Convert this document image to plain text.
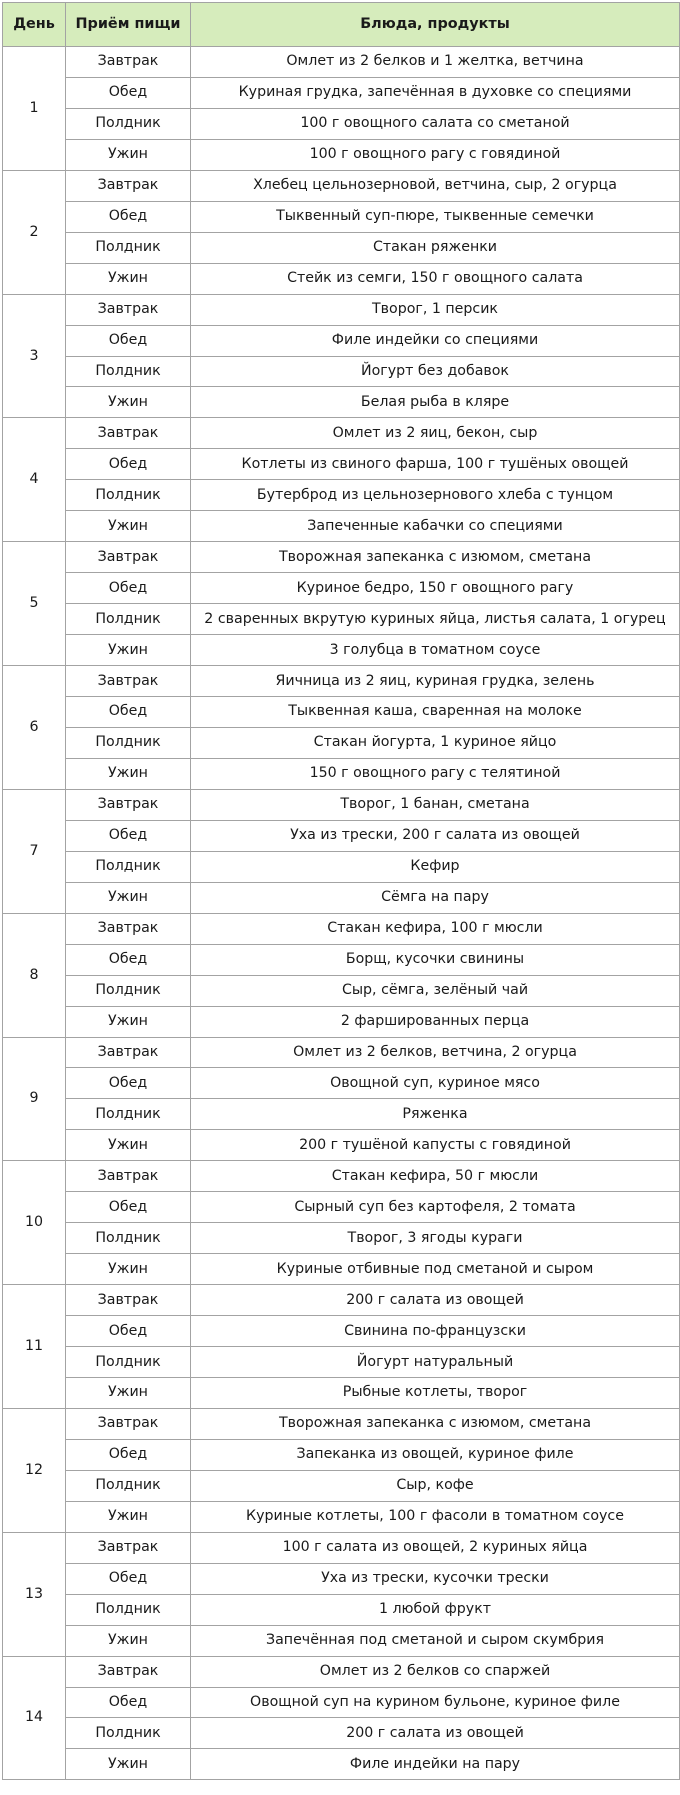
День	Приём пищи	Блюда, продукты
1	Завтрак	Омлет из 2 белков и 1 желтка, ветчина
	Обед	Куриная грудка, запечённая в духовке со специями
	Полдник	100 г овощного салата со сметаной
	Ужин	100 г овощного рагу с говядиной
2	Завтрак	Хлебец цельнозерновой, ветчина, сыр, 2 огурца
	Обед	Тыквенный суп-пюре, тыквенные семечки
	Полдник	Стакан ряженки
	Ужин	Стейк из семги, 150 г овощного салата
3	Завтрак	Творог, 1 персик
	Обед	Филе индейки со специями
	Полдник	Йогурт без добавок
	Ужин	Белая рыба в кляре
4	Завтрак	Омлет из 2 яиц, бекон, сыр
	Обед	Котлеты из свиного фарша, 100 г тушёных овощей
	Полдник	Бутерброд из цельнозернового хлеба с тунцом
	Ужин	Запеченные кабачки со специями
5	Завтрак	Творожная запеканка с изюмом, сметана
	Обед	Куриное бедро, 150 г овощного рагу
	Полдник	2 сваренных вкрутую куриных яйца, листья салата, 1 огурец
	Ужин	3 голубца в томатном соусе
6	Завтрак	Яичница из 2 яиц, куриная грудка, зелень
	Обед	Тыквенная каша, сваренная на молоке
	Полдник	Стакан йогурта, 1 куриное яйцо
	Ужин	150 г овощного рагу с телятиной
7	Завтрак	Творог, 1 банан, сметана
	Обед	Уха из трески, 200 г салата из овощей
	Полдник	Кефир
	Ужин	Сёмга на пару
8	Завтрак	Стакан кефира, 100 г мюсли
	Обед	Борщ, кусочки свинины
	Полдник	Сыр, сёмга, зелёный чай
	Ужин	2 фаршированных перца
9	Завтрак	Омлет из 2 белков, ветчина, 2 огурца
	Обед	Овощной суп, куриное мясо
	Полдник	Ряженка
	Ужин	200 г тушёной капусты с говядиной
10	Завтрак	Стакан кефира, 50 г мюсли
	Обед	Сырный суп без картофеля, 2 томата
	Полдник	Творог, 3 ягоды кураги
	Ужин	Куриные отбивные под сметаной и сыром
11	Завтрак	200 г салата из овощей
	Обед	Свинина по-французски
	Полдник	Йогурт натуральный
	Ужин	Рыбные котлеты, творог
12	Завтрак	Творожная запеканка с изюмом, сметана
	Обед	Запеканка из овощей, куриное филе
	Полдник	Сыр, кофе
	Ужин	Куриные котлеты, 100 г фасоли в томатном соусе
13	Завтрак	100 г салата из овощей, 2 куриных яйца
	Обед	Уха из трески, кусочки трески
	Полдник	1 любой фрукт
	Ужин	Запечённая под сметаной и сыром скумбрия
14	Завтрак	Омлет из 2 белков со спаржей
	Обед	Овощной суп на курином бульоне, куриное филе
	Полдник	200 г салата из овощей
	Ужин	Филе индейки на пару
